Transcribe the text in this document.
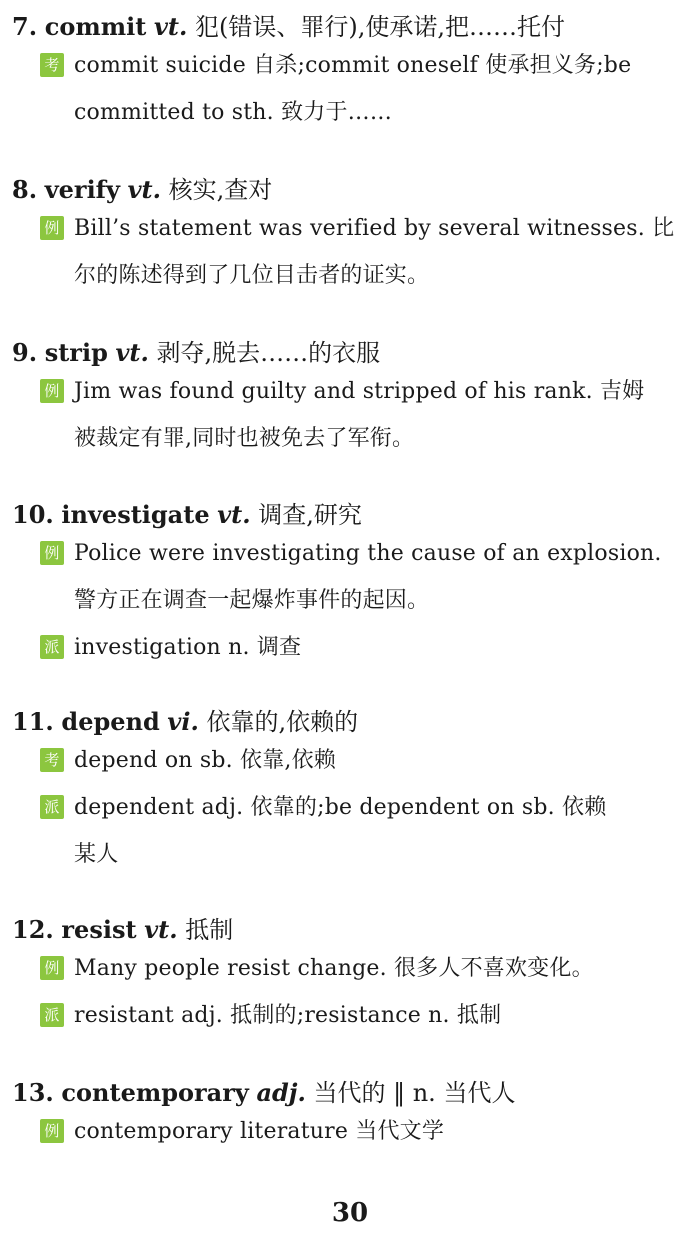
7. commit vt. 犯(错误、罪行),使承诺,把……托付
考 commit suicide 自杀;commit oneself 使承担义务;be
committed to sth. 致力于……
8. verify vt. 核实,查对
例 Bill’s statement was verified by several witnesses. 比
尔的陈述得到了几位目击者的证实。
9. strip vt. 剥夺,脱去……的衣服
例 Jim was found guilty and stripped of his rank. 吉姆
被裁定有罪,同时也被免去了军衔。
10. investigate vt. 调查,研究
例 Police were investigating the cause of an explosion.
警方正在调查一起爆炸事件的起因。
派 investigation n. 调查
11. depend vi. 依靠的,依赖的
考 depend on sb. 依靠,依赖
派 dependent adj. 依靠的;be dependent on sb. 依赖
某人
12. resist vt. 抵制
例 Many people resist change. 很多人不喜欢变化。
派 resistant adj. 抵制的;resistance n. 抵制
13. contemporary adj. 当代的 ‖ n. 当代人
例 contemporary literature 当代文学
30
